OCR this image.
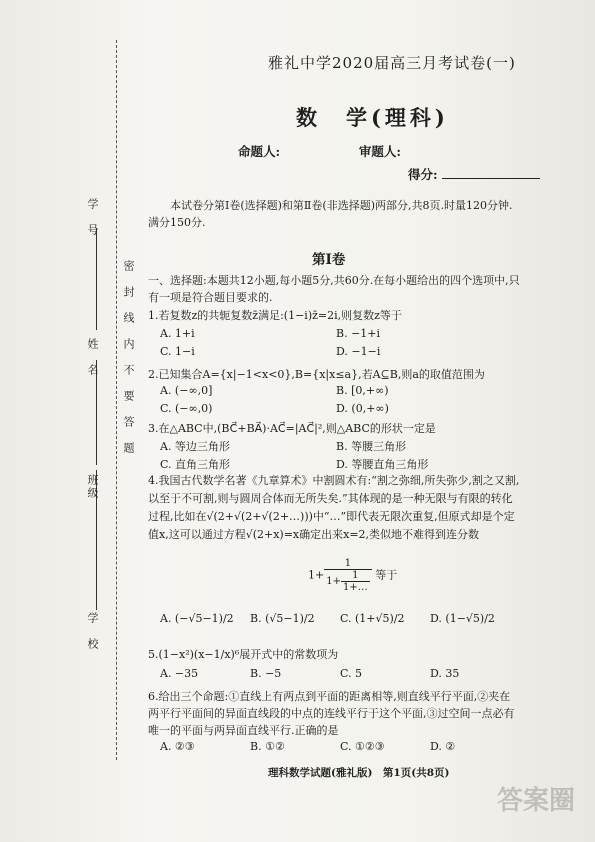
学　校
班级
姓　名
学　号
密　封　线　内　不　要　答　题
雅礼中学2020届高三月考试卷(一)
数　学(理科)
命题人:	审题人:
得分:
本试卷分第Ⅰ卷(选择题)和第Ⅱ卷(非选择题)两部分,共8页.时量120分钟.满分150分.
第Ⅰ卷
一、选择题:本题共12小题,每小题5分,共60分.在每小题给出的四个选项中,只有一项是符合题目要求的.
1.若复数z的共轭复数z̄满足:(1−i)z̄=2i,则复数z等于
A. 1+i	B. −1+i
C. 1−i	D. −1−i
2.已知集合A={x|−1<x<0},B={x|x≤a},若A⊆B,则a的取值范围为
A. (−∞,0]	B. [0,+∞)
C. (−∞,0)	D. (0,+∞)
3.在△ABC中,(BC⃗+BA⃗)·AC⃗=|AC⃗|²,则△ABC的形状一定是
A. 等边三角形	B. 等腰三角形
C. 直角三角形	D. 等腰直角三角形
4.我国古代数学名著《九章算术》中割圆术有:“割之弥细,所失弥少,割之又割,以至于不可割,则与圆周合体而无所失矣.”其体现的是一种无限与有限的转化过程,比如在√(2+√(2+√(2+…)))中“…”即代表无限次重复,但原式却是个定值x,这可以通过方程√(2+x)=x确定出来x=2,类似地不难得到连分数
$1+ \frac{1}{1+ \frac{1}{1+\dots}}$ 等于
A. (−√5−1)/2 B. (√5−1)/2 C. (1+√5)/2 D. (1−√5)/2
5.(1−x²)(x−1/x)⁶展开式中的常数项为
A. −35	B. −5	C. 5	D. 35
6.给出三个命题:①直线上有两点到平面的距离相等,则直线平行平面,②夹在两平行平面间的异面直线段的中点的连线平行于这个平面,③过空间一点必有唯一的平面与两异面直线平行.正确的是
A. ②③	B. ①②	C. ①②③	D. ②
理科数学试题(雅礼版)　第1页(共8页)
答案圈
